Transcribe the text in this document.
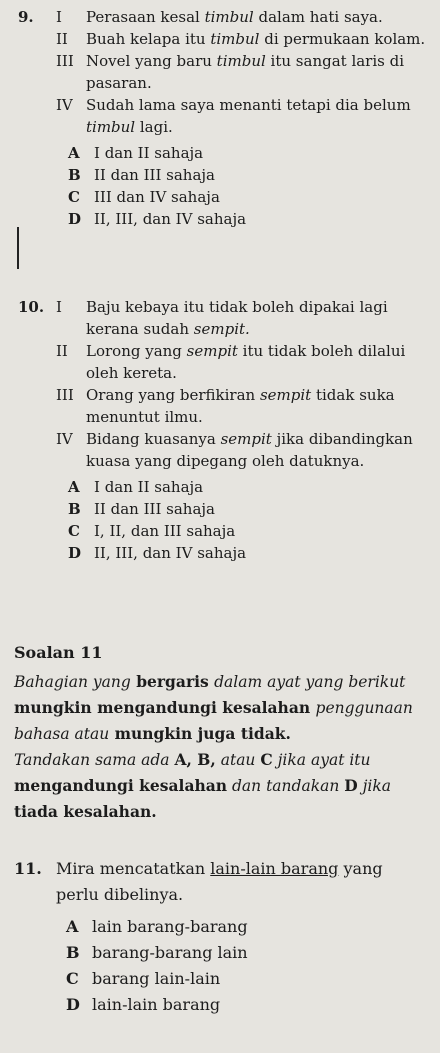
9. I Perasaan kesal timbul dalam hati saya.
II Buah kelapa itu timbul di permukaan kolam.
III Novel yang baru timbul itu sangat laris di pasaran.
IV Sudah lama saya menanti tetapi dia belum timbul lagi.
A I dan II sahaja
B II dan III sahaja
C III dan IV sahaja
D II, III, dan IV sahaja
10. I Baju kebaya itu tidak boleh dipakai lagi kerana sudah sempit.
II Lorong yang sempit itu tidak boleh dilalui oleh kereta.
III Orang yang berfikiran sempit tidak suka menuntut ilmu.
IV Bidang kuasanya sempit jika dibandingkan kuasa yang dipegang oleh datuknya.
A I dan II sahaja
B II dan III sahaja
C I, II, dan III sahaja
D II, III, dan IV sahaja
Soalan 11
Bahagian yang bergaris dalam ayat yang berikut mungkin mengandungi kesalahan penggunaan bahasa atau mungkin juga tidak.
Tandakan sama ada A, B, atau C jika ayat itu mengandungi kesalahan dan tandakan D jika tiada kesalahan.
11. Mira mencatatkan lain-lain barang yang perlu dibelinya.
A lain barang-barang
B barang-barang lain
C barang lain-lain
D lain-lain barang
